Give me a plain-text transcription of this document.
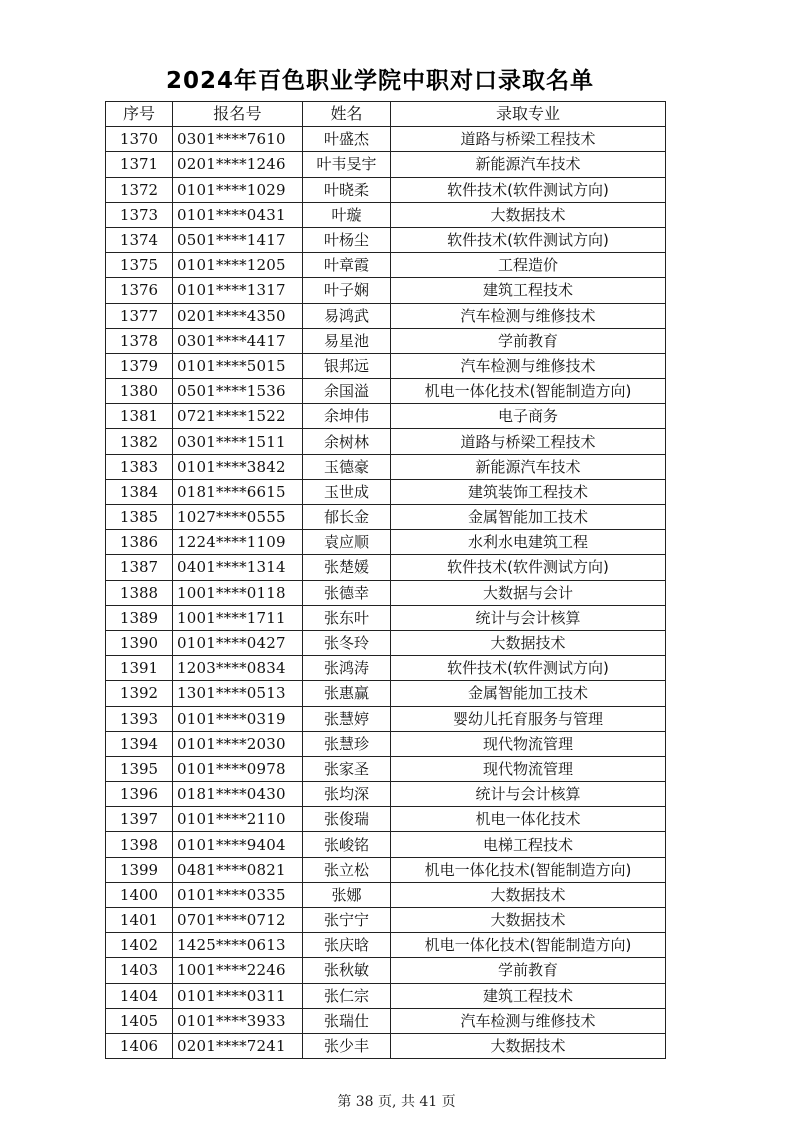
2024年百色职业学院中职对口录取名单
序号	报名号	姓名	录取专业
1370	0301****7610	叶盛杰	道路与桥梁工程技术
1371	0201****1246	叶韦旻宇	新能源汽车技术
1372	0101****1029	叶晓柔	软件技术(软件测试方向)
1373	0101****0431	叶璇	大数据技术
1374	0501****1417	叶杨尘	软件技术(软件测试方向)
1375	0101****1205	叶章霞	工程造价
1376	0101****1317	叶子娴	建筑工程技术
1377	0201****4350	易鸿武	汽车检测与维修技术
1378	0301****4417	易星池	学前教育
1379	0101****5015	银邦远	汽车检测与维修技术
1380	0501****1536	余国溢	机电一体化技术(智能制造方向)
1381	0721****1522	余坤伟	电子商务
1382	0301****1511	余树林	道路与桥梁工程技术
1383	0101****3842	玉德豪	新能源汽车技术
1384	0181****6615	玉世成	建筑装饰工程技术
1385	1027****0555	郁长金	金属智能加工技术
1386	1224****1109	袁应顺	水利水电建筑工程
1387	0401****1314	张楚媛	软件技术(软件测试方向)
1388	1001****0118	张德幸	大数据与会计
1389	1001****1711	张东叶	统计与会计核算
1390	0101****0427	张冬玲	大数据技术
1391	1203****0834	张鸿涛	软件技术(软件测试方向)
1392	1301****0513	张惠赢	金属智能加工技术
1393	0101****0319	张慧婷	婴幼儿托育服务与管理
1394	0101****2030	张慧珍	现代物流管理
1395	0101****0978	张家圣	现代物流管理
1396	0181****0430	张均深	统计与会计核算
1397	0101****2110	张俊瑞	机电一体化技术
1398	0101****9404	张峻铭	电梯工程技术
1399	0481****0821	张立松	机电一体化技术(智能制造方向)
1400	0101****0335	张娜	大数据技术
1401	0701****0712	张宁宁	大数据技术
1402	1425****0613	张庆晗	机电一体化技术(智能制造方向)
1403	1001****2246	张秋敏	学前教育
1404	0101****0311	张仁宗	建筑工程技术
1405	0101****3933	张瑞仕	汽车检测与维修技术
1406	0201****7241	张少丰	大数据技术
第 38 页, 共 41 页
